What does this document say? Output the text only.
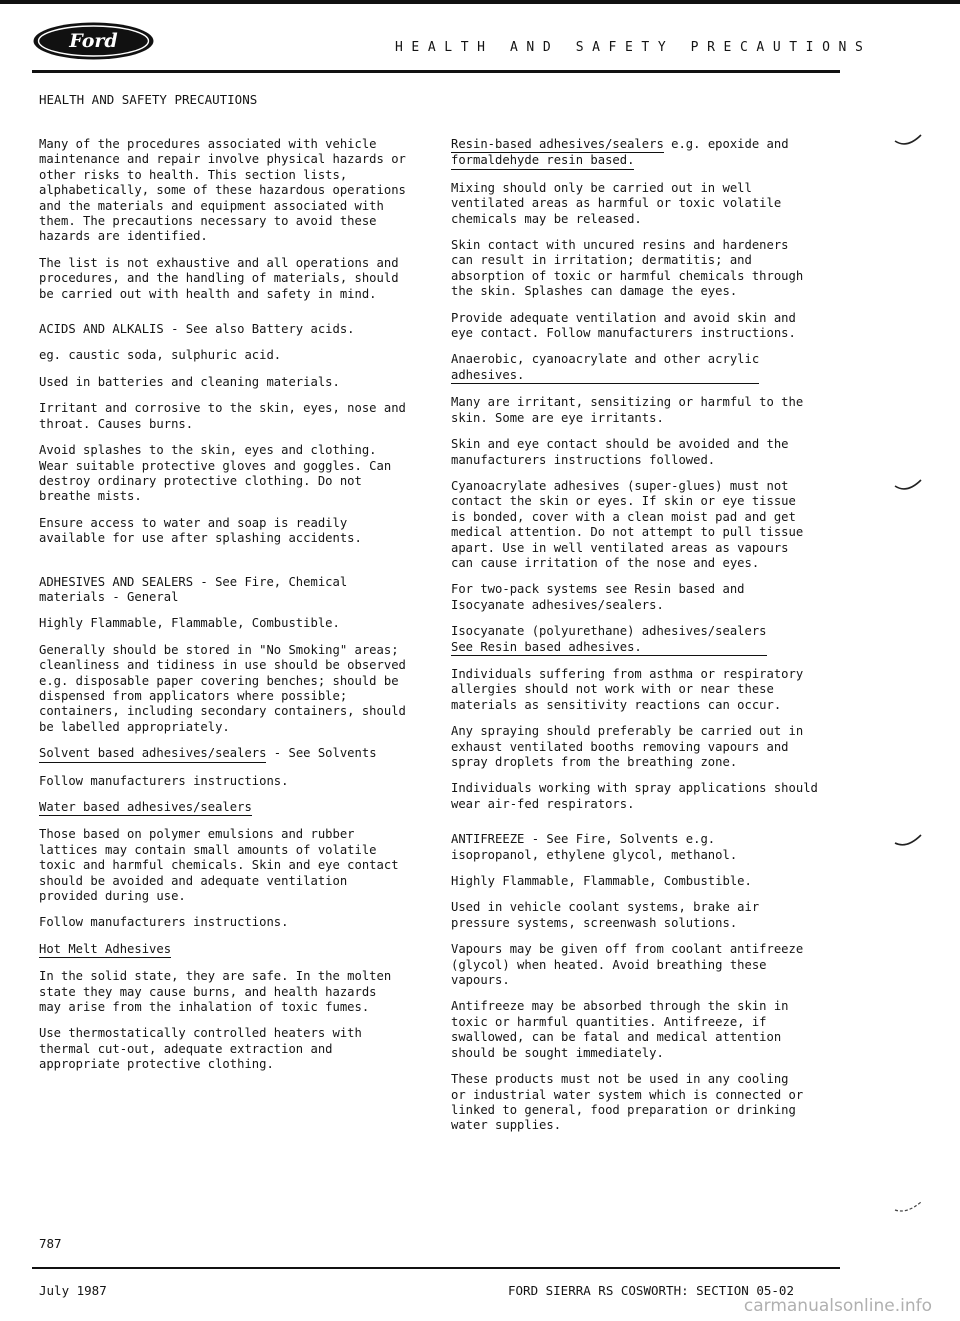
Ford	HEALTH AND SAFETY PRECAUTIONS
HEALTH AND SAFETY PRECAUTIONS

Many of the procedures associated with vehicle
maintenance and repair involve physical hazards or
other risks to health. This section lists,
alphabetically, some of these hazardous operations
and the materials and equipment associated with
them. The precautions necessary to avoid these
hazards are identified.

The list is not exhaustive and all operations and
procedures, and the handling of materials, should
be carried out with health and safety in mind.

ACIDS AND ALKALIS - See also Battery acids.

eg. caustic soda, sulphuric acid.

Used in batteries and cleaning materials.

Irritant and corrosive to the skin, eyes, nose and
throat. Causes burns.

Avoid splashes to the skin, eyes and clothing.
Wear suitable protective gloves and goggles. Can
destroy ordinary protective clothing. Do not
breathe mists.

Ensure access to water and soap is readily
available for use after splashing accidents.

ADHESIVES AND SEALERS - See Fire, Chemical
materials - General

Highly Flammable, Flammable, Combustible.

Generally should be stored in "No Smoking" areas;
cleanliness and tidiness in use should be observed
e.g. disposable paper covering benches; should be
dispensed from applicators where possible;
containers, including secondary containers, should
be labelled appropriately.

Solvent based adhesives/sealers - See Solvents

Follow manufacturers instructions.

Water based adhesives/sealers

Those based on polymer emulsions and rubber
lattices may contain small amounts of volatile
toxic and harmful chemicals. Skin and eye contact
should be avoided and adequate ventilation
provided during use.

Follow manufacturers instructions.

Hot Melt Adhesives

In the solid state, they are safe. In the molten
state they may cause burns, and health hazards
may arise from the inhalation of toxic fumes.

Use thermostatically controlled heaters with
thermal cut-out, adequate extraction and
appropriate protective clothing.

Resin-based adhesives/sealers e.g. epoxide and
formaldehyde resin based.

Mixing should only be carried out in well
ventilated areas as harmful or toxic volatile
chemicals may be released.

Skin contact with uncured resins and hardeners
can result in irritation; dermatitis; and
absorption of toxic or harmful chemicals through
the skin. Splashes can damage the eyes.

Provide adequate ventilation and avoid skin and
eye contact. Follow manufacturers instructions.

Anaerobic, cyanoacrylate and other acrylic
adhesives.

Many are irritant, sensitizing or harmful to the
skin. Some are eye irritants.

Skin and eye contact should be avoided and the
manufacturers instructions followed.

Cyanoacrylate adhesives (super-glues) must not
contact the skin or eyes. If skin or eye tissue
is bonded, cover with a clean moist pad and get
medical attention. Do not attempt to pull tissue
apart. Use in well ventilated areas as vapours
can cause irritation of the nose and eyes.

For two-pack systems see Resin based and
Isocyanate adhesives/sealers.

Isocyanate (polyurethane) adhesives/sealers
See Resin based adhesives.

Individuals suffering from asthma or respiratory
allergies should not work with or near these
materials as sensitivity reactions can occur.

Any spraying should preferably be carried out in
exhaust ventilated booths removing vapours and
spray droplets from the breathing zone.

Individuals working with spray applications should
wear air-fed respirators.

ANTIFREEZE - See Fire, Solvents e.g.
isopropanol, ethylene glycol, methanol.

Highly Flammable, Flammable, Combustible.

Used in vehicle coolant systems, brake air
pressure systems, screenwash solutions.

Vapours may be given off from coolant antifreeze
(glycol) when heated. Avoid breathing these
vapours.

Antifreeze may be absorbed through the skin in
toxic or harmful quantities. Antifreeze, if
swallowed, can be fatal and medical attention
should be sought immediately.

These products must not be used in any cooling
or industrial water system which is connected or
linked to general, food preparation or drinking
water supplies.

787
July 1987	FORD SIERRA RS COSWORTH: SECTION 05-02
carmanualsonline.info
